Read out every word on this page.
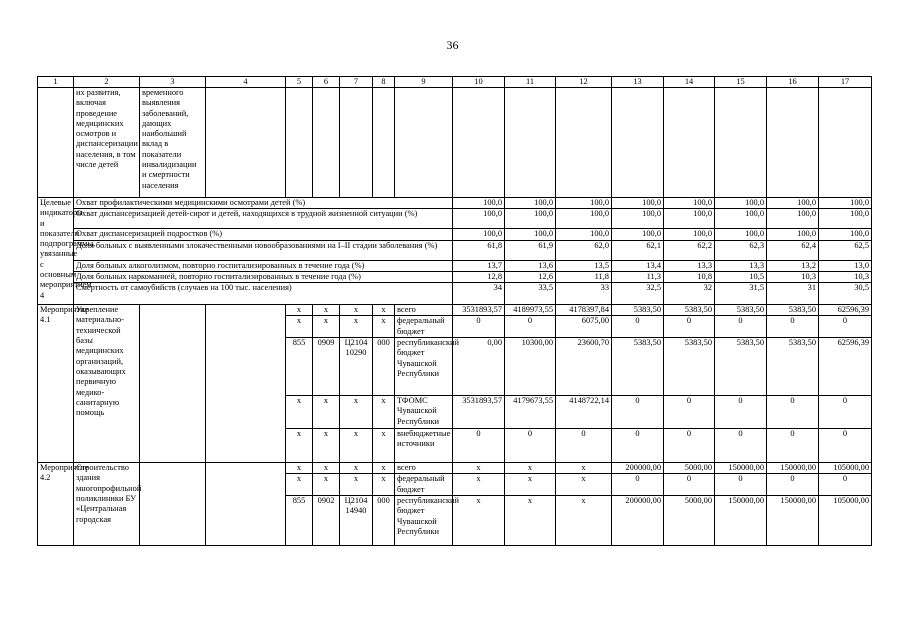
36
1	2	3	4	5	6	7	8	9	10	11	12	13	14	15	16	17
	их развития, включая проведение медицинских осмотров и диспансеризации населения, в том числе детей	временного выявления заболеваний, дающих наибольший вклад в показатели инвалидизации и смертности населения														
Целевые индикаторы и показатели подпрограммы, увязанные с основным мероприятием 4	Охват профилактическими медицинскими осмотрами детей (%)								100,0	100,0	100,0	100,0	100,0	100,0	100,0	100,0
	Охват диспансеризацией детей-сирот и детей, находящихся в трудной жизненной ситуации (%)								100,0	100,0	100,0	100,0	100,0	100,0	100,0	100,0
	Охват диспансеризацией подростков (%)								100,0	100,0	100,0	100,0	100,0	100,0	100,0	100,0
	Доля больных с выявленными злокачественными новообразованиями на I–II стадии заболевания (%)								61,8	61,9	62,0	62,1	62,2	62,3	62,4	62,5
	Доля больных алкоголизмом, повторно госпитализированных в течение года (%)								13,7	13,6	13,5	13,4	13,3	13,3	13,2	13,0
	Доля больных наркоманией, повторно госпитализированных в течение года (%)								12,8	12,6	11,8	11,3	10,8	10,5	10,3	10,3
	Смертность от самоубийств (случаев на 100 тыс. населения)								34	33,5	33	32,5	32	31,5	31	30,5
Мероприятие 4.1	Укрепление материально-технической базы медицинских организаций, оказывающих первичную медико-санитарную помощь			x	x	x	x	всего	3531893,57	4189973,55	4178397,84	5383,50	5383,50	5383,50	5383,50	62596,39
				x	x	x	x	федеральный бюджет	0	0	6075,00	0	0	0	0	0
				855	0909	Ц2104 10290	000	республиканский бюджет Чувашской Республики	0,00	10300,00	23600,70	5383,50	5383,50	5383,50	5383,50	62596,39
				x	x	x	x	ТФОМС Чувашской Республики	3531893,57	4179673,55	4148722,14	0	0	0	0	0
				x	x	x	x	внебюджетные источники	0	0	0	0	0	0	0	0
Мероприятие 4.2	Строительство здания многопрофильной поликлиники БУ «Центральная городская			x	x	x	x	всего	x	x	x	200000,00	5000,00	150000,00	150000,00	105000,00
				x	x	x	x	федеральный бюджет	x	x	x	0	0	0	0	0
				855	0902	Ц2104 14940	000	республиканский бюджет Чувашской Республики	x	x	x	200000,00	5000,00	150000,00	150000,00	105000,00
